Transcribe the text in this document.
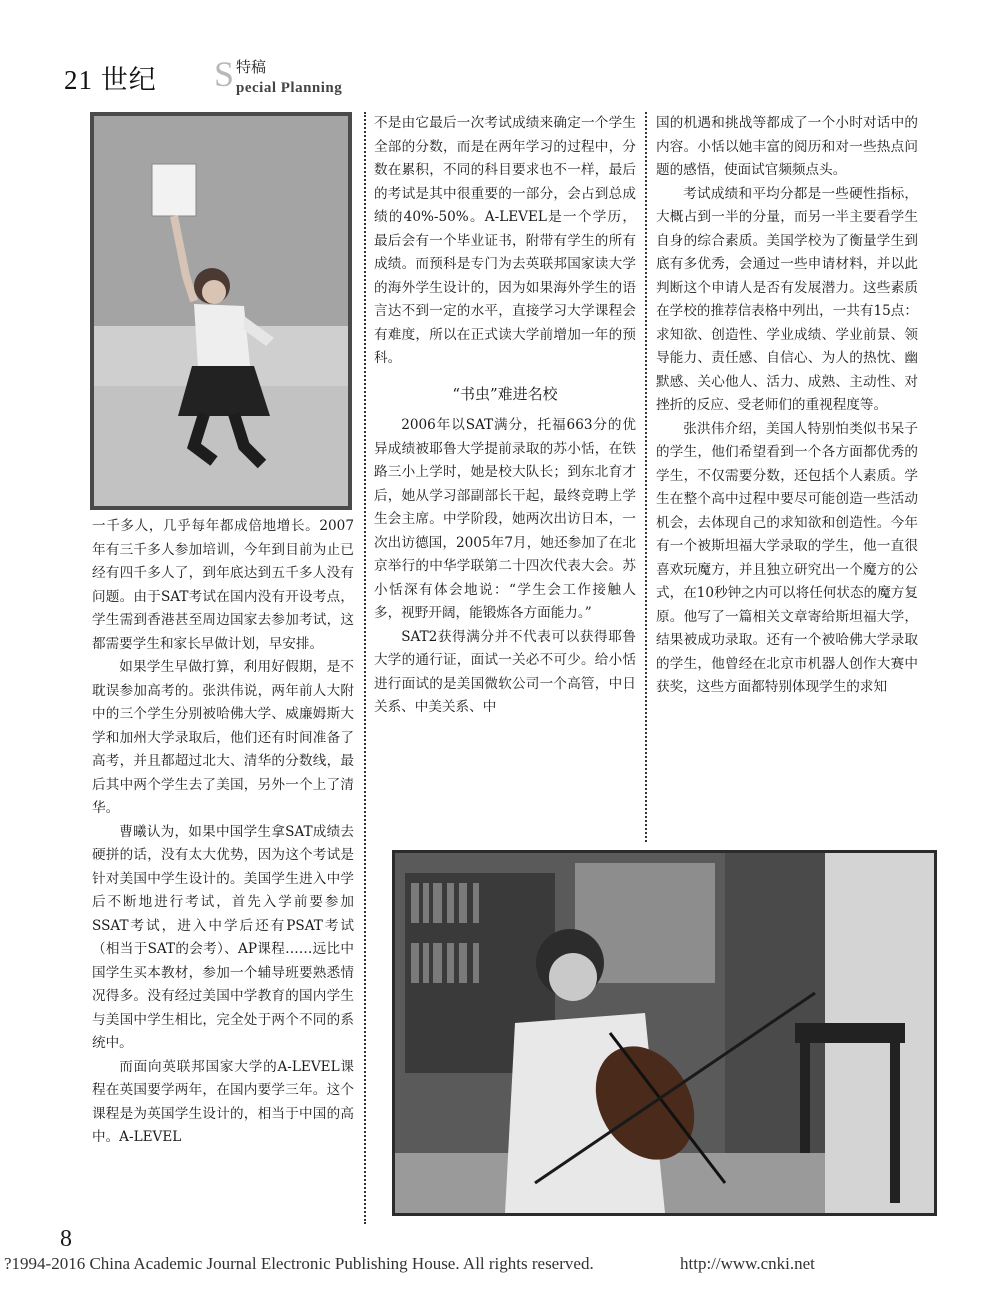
21 世纪 S 特稿
pecial Planning

一千多人，几乎每年都成倍地增长。2007年有三千多人参加培训，今年到目前为止已经有四千多人了，到年底达到五千多人没有问题。由于SAT考试在国内没有开设考点，学生需到香港甚至周边国家去参加考试，这都需要学生和家长早做计划，早安排。

如果学生早做打算，利用好假期，是不耽误参加高考的。张洪伟说，两年前人大附中的三个学生分别被哈佛大学、威廉姆斯大学和加州大学录取后，他们还有时间准备了高考，并且都超过北大、清华的分数线，最后其中两个学生去了美国，另外一个上了清华。

曹曦认为，如果中国学生拿SAT成绩去硬拼的话，没有太大优势，因为这个考试是针对美国中学生设计的。美国学生进入中学后不断地进行考试，首先入学前要参加SSAT考试，进入中学后还有PSAT考试（相当于SAT的会考）、AP课程……远比中国学生买本教材，参加一个辅导班要熟悉情况得多。没有经过美国中学教育的国内学生与美国中学生相比，完全处于两个不同的系统中。

而面向英联邦国家大学的A-LEVEL课程在英国要学两年，在国内要学三年。这个课程是为英国学生设计的，相当于中国的高中。A-LEVEL

不是由它最后一次考试成绩来确定一个学生全部的分数，而是在两年学习的过程中，分数在累积，不同的科目要求也不一样，最后的考试是其中很重要的一部分，会占到总成绩的40%-50%。A-LEVEL是一个学历，最后会有一个毕业证书，附带有学生的所有成绩。而预科是专门为去英联邦国家读大学的海外学生设计的，因为如果海外学生的语言达不到一定的水平，直接学习大学课程会有难度，所以在正式读大学前增加一年的预科。

“书虫”难进名校

2006年以SAT满分，托福663分的优异成绩被耶鲁大学提前录取的苏小恬，在铁路三小上学时，她是校大队长；到东北育才后，她从学习部副部长干起，最终竞聘上学生会主席。中学阶段，她两次出访日本，一次出访德国，2005年7月，她还参加了在北京举行的中华学联第二十四次代表大会。苏小恬深有体会地说：“学生会工作接触人多，视野开阔，能锻炼各方面能力。”

SAT2获得满分并不代表可以获得耶鲁大学的通行证，面试一关必不可少。给小恬进行面试的是美国微软公司一个高管，中日关系、中美关系、中

国的机遇和挑战等都成了一个小时对话中的内容。小恬以她丰富的阅历和对一些热点问题的感悟，使面试官频频点头。

考试成绩和平均分都是一些硬性指标，大概占到一半的分量，而另一半主要看学生自身的综合素质。美国学校为了衡量学生到底有多优秀，会通过一些申请材料，并以此判断这个申请人是否有发展潜力。这些素质在学校的推荐信表格中列出，一共有15点：求知欲、创造性、学业成绩、学业前景、领导能力、责任感、自信心、为人的热忱、幽默感、关心他人、活力、成熟、主动性、对挫折的反应、受老师们的重视程度等。

张洪伟介绍，美国人特别怕类似书呆子的学生，他们希望看到一个各方面都优秀的学生，不仅需要分数，还包括个人素质。学生在整个高中过程中要尽可能创造一些活动机会，去体现自己的求知欲和创造性。今年有一个被斯坦福大学录取的学生，他一直很喜欢玩魔方，并且独立研究出一个魔方的公式，在10秒钟之内可以将任何状态的魔方复原。他写了一篇相关文章寄给斯坦福大学，结果被成功录取。还有一个被哈佛大学录取的学生，他曾经在北京市机器人创作大赛中获奖，这些方面都特别体现学生的求知

8
?1994-2016 China Academic Journal Electronic Publishing House. All rights reserved.	http://www.cnki.net
